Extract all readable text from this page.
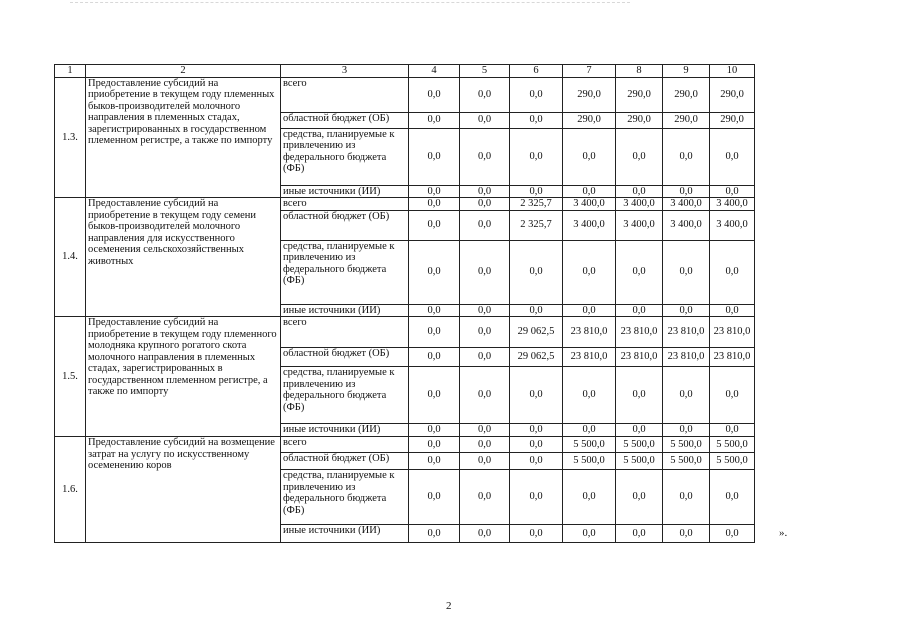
1	2	3	4	5	6	7	8	9	10
1.3.	Предоставление субсидий на приобретение в текущем году племенных быков-производителей молочного направления в племенных стадах, зарегистрированных в государственном племенном регистре, а также по импорту	всего	0,0	0,0	0,0	290,0	290,0	290,0	290,0
		областной бюджет (ОБ)	0,0	0,0	0,0	290,0	290,0	290,0	290,0
		средства, планируемые к привлечению из федерального бюджета (ФБ)	0,0	0,0	0,0	0,0	0,0	0,0	0,0
		иные источники (ИИ)	0,0	0,0	0,0	0,0	0,0	0,0	0,0
1.4.	Предоставление субсидий на приобретение в текущем году семени быков-производителей молочного направления для искусственного осеменения сельскохозяйственных животных	всего	0,0	0,0	2 325,7	3 400,0	3 400,0	3 400,0	3 400,0
		областной бюджет (ОБ)	0,0	0,0	2 325,7	3 400,0	3 400,0	3 400,0	3 400,0
		средства, планируемые к привлечению из федерального бюджета (ФБ)	0,0	0,0	0,0	0,0	0,0	0,0	0,0
		иные источники (ИИ)	0,0	0,0	0,0	0,0	0,0	0,0	0,0
1.5.	Предоставление субсидий на приобретение в текущем году племенного молодняка крупного рогатого скота молочного направления в племенных стадах, зарегистрированных в государственном племенном регистре, а также по импорту	всего	0,0	0,0	29 062,5	23 810,0	23 810,0	23 810,0	23 810,0
		областной бюджет (ОБ)	0,0	0,0	29 062,5	23 810,0	23 810,0	23 810,0	23 810,0
		средства, планируемые к привлечению из федерального бюджета (ФБ)	0,0	0,0	0,0	0,0	0,0	0,0	0,0
		иные источники (ИИ)	0,0	0,0	0,0	0,0	0,0	0,0	0,0
1.6.	Предоставление субсидий на возмещение затрат на услугу по искусственному осеменению коров	всего	0,0	0,0	0,0	5 500,0	5 500,0	5 500,0	5 500,0
		областной бюджет (ОБ)	0,0	0,0	0,0	5 500,0	5 500,0	5 500,0	5 500,0
		средства, планируемые к привлечению из федерального бюджета (ФБ)	0,0	0,0	0,0	0,0	0,0	0,0	0,0
		иные источники (ИИ)	0,0	0,0	0,0	0,0	0,0	0,0	0,0	».
2
